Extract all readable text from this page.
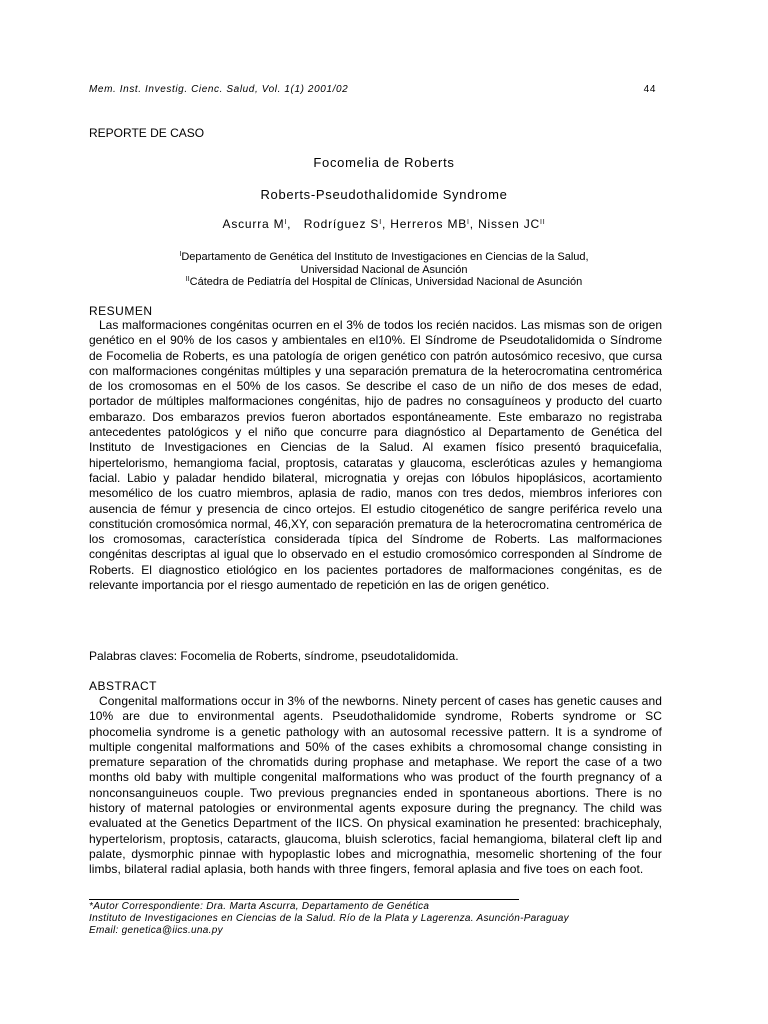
Mem. Inst. Investig. Cienc. Salud, Vol. 1(1) 2001/02	44
REPORTE DE CASO
Focomelia de Roberts
Roberts-Pseudothalidomide Syndrome
Ascurra $M^I$,   Rodríguez $S^I$, Herreros $MB^I$, Nissen $JC^{II}$
$^I$Departamento de Genética del Instituto de Investigaciones en Ciencias de la Salud,
Universidad Nacional de Asunción
$^{II}$Cátedra de Pediatría del Hospital de Clínicas, Universidad Nacional de Asunción
RESUMEN

Las malformaciones congénitas ocurren en el 3% de todos los recién nacidos. Las mismas son de origen genético en el 90% de los casos y ambientales en el10%. El Síndrome de Pseudotalidomida o Síndrome de Focomelia de Roberts, es una patología de origen genético con patrón autosómico recesivo, que cursa con malformaciones congénitas múltiples y una separación prematura de la heterocromatina centromérica de los cromosomas en el 50% de los casos. Se describe el caso de un niño de dos meses de edad, portador de múltiples malformaciones congénitas, hijo de padres no consaguíneos y producto del cuarto embarazo. Dos embarazos previos fueron abortados espontáneamente. Este embarazo no registraba antecedentes patológicos y el niño que concurre para diagnóstico al Departamento de Genética del Instituto de Investigaciones en Ciencias de la Salud. Al examen físico presentó braquicefalia, hipertelorismo, hemangioma facial, proptosis, cataratas y glaucoma, escleróticas azules y hemangioma facial. Labio y paladar hendido bilateral, micrognatia y orejas con lóbulos hipoplásicos, acortamiento mesomélico de los cuatro miembros, aplasia de radio, manos con tres dedos, miembros inferiores con ausencia de fémur y presencia de cinco ortejos. El estudio citogenético de sangre periférica revelo una constitución cromosómica normal, 46,XY, con separación prematura de la heterocromatina centromérica de los cromosomas, característica considerada típica del Síndrome de Roberts. Las malformaciones congénitas descriptas al igual que lo observado en el estudio cromosómico corresponden al Síndrome de Roberts. El diagnostico etiológico en los pacientes portadores de malformaciones congénitas, es de relevante importancia por el riesgo aumentado de repetición en las de origen genético.

Palabras claves: Focomelia de Roberts, síndrome, pseudotalidomida.
ABSTRACT

Congenital malformations occur in 3% of the newborns. Ninety percent of cases has genetic causes and 10% are due to environmental agents. Pseudothalidomide syndrome, Roberts syndrome or SC phocomelia syndrome is a genetic pathology with an autosomal recessive pattern. It is a syndrome of multiple congenital malformations and 50% of the cases exhibits a chromosomal change consisting in premature separation of the chromatids during prophase and metaphase. We report the case of a two months old baby with multiple congenital malformations who was product of the fourth pregnancy of a nonconsanguineuos couple. Two previous pregnancies ended in spontaneous abortions. There is no history of maternal patologies or environmental agents exposure during the pregnancy. The child was evaluated at the Genetics Department of the IICS. On physical examination he presented: brachicephaly, hypertelorism, proptosis, cataracts, glaucoma, bluish sclerotics, facial hemangioma, bilateral cleft lip and palate, dysmorphic pinnae with hypoplastic lobes and micrognathia, mesomelic shortening of the four limbs, bilateral radial aplasia, both hands with three fingers, femoral aplasia and five toes on each foot.

*Autor Correspondiente: Dra. Marta Ascurra, Departamento de Genética
Instituto de Investigaciones en Ciencias de la Salud. Río de la Plata y Lagerenza. Asunción-Paraguay
Email: genetica@iics.una.py
